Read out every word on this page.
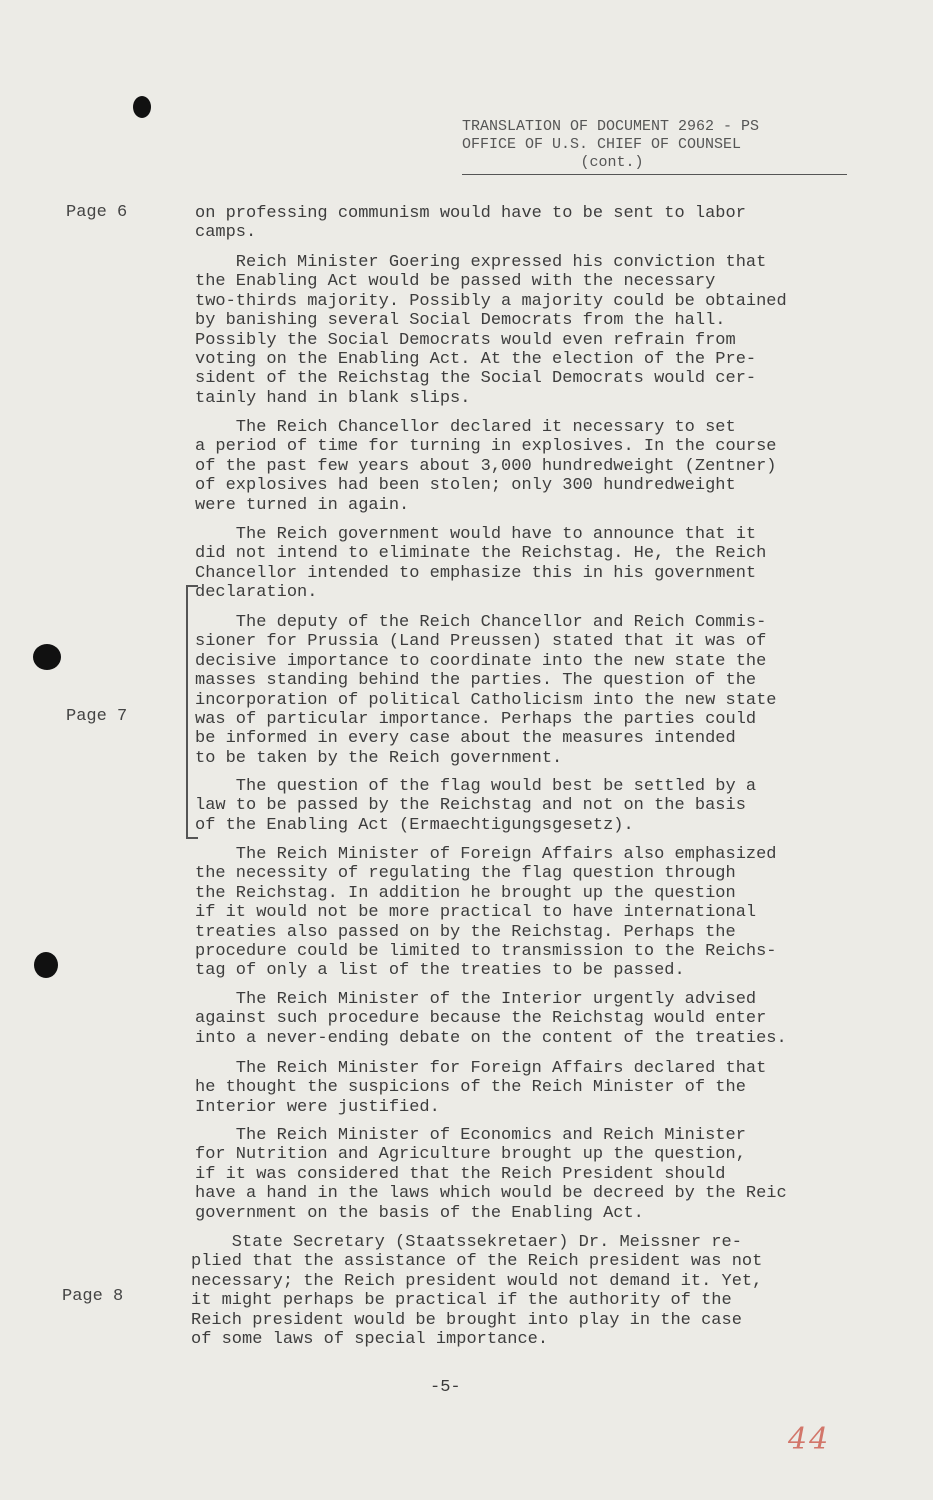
TRANSLATION OF DOCUMENT 2962 - PS
OFFICE OF U.S. CHIEF OF COUNSEL
(cont.)
Page 6
Page 7
Page 8
on professing communism would have to be sent to labor
camps.
Reich Minister Goering expressed his conviction that
the Enabling Act would be passed with the necessary
two-thirds majority. Possibly a majority could be obtained
by banishing several Social Democrats from the hall.
Possibly the Social Democrats would even refrain from
voting on the Enabling Act. At the election of the Pre-
sident of the Reichstag the Social Democrats would cer-
tainly hand in blank slips.
The Reich Chancellor declared it necessary to set
a period of time for turning in explosives. In the course
of the past few years about 3,000 hundredweight (Zentner)
of explosives had been stolen; only 300 hundredweight
were turned in again.
The Reich government would have to announce that it
did not intend to eliminate the Reichstag. He, the Reich
Chancellor intended to emphasize this in his government
declaration.
The deputy of the Reich Chancellor and Reich Commis-
sioner for Prussia (Land Preussen) stated that it was of
decisive importance to coordinate into the new state the
masses standing behind the parties. The question of the
incorporation of political Catholicism into the new state
was of particular importance. Perhaps the parties could
be informed in every case about the measures intended
to be taken by the Reich government.
The question of the flag would best be settled by a
law to be passed by the Reichstag and not on the basis
of the Enabling Act (Ermaechtigungsgesetz).
The Reich Minister of Foreign Affairs also emphasized
the necessity of regulating the flag question through
the Reichstag. In addition he brought up the question
if it would not be more practical to have international
treaties also passed on by the Reichstag. Perhaps the
procedure could be limited to transmission to the Reichs-
tag of only a list of the treaties to be passed.
The Reich Minister of the Interior urgently advised
against such procedure because the Reichstag would enter
into a never-ending debate on the content of the treaties.
The Reich Minister for Foreign Affairs declared that
he thought the suspicions of the Reich Minister of the
Interior were justified.
The Reich Minister of Economics and Reich Minister
for Nutrition and Agriculture brought up the question,
if it was considered that the Reich President should
have a hand in the laws which would be decreed by the Reic
government on the basis of the Enabling Act.
State Secretary (Staatssekretaer) Dr. Meissner re-
plied that the assistance of the Reich president was not
necessary; the Reich president would not demand it. Yet,
it might perhaps be practical if the authority of the
Reich president would be brought into play in the case
of some laws of special importance.
-5-
44
